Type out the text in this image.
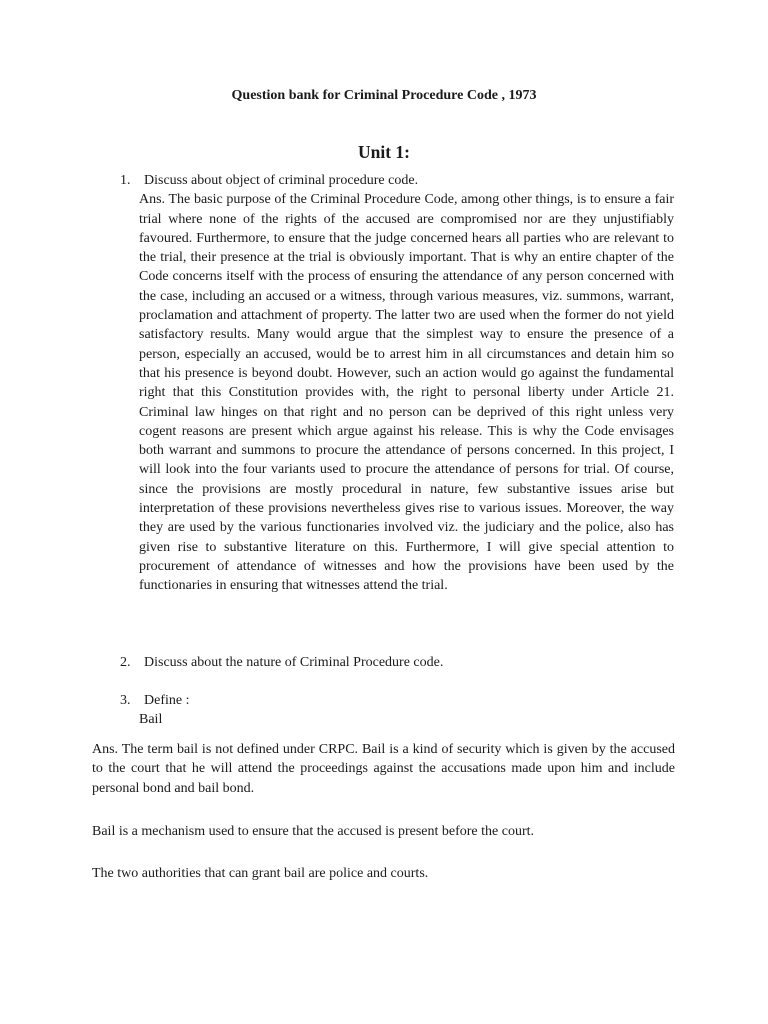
Question bank for Criminal Procedure Code , 1973
Unit 1:
1. Discuss about object of criminal procedure code.
Ans. The basic purpose of the Criminal Procedure Code, among other things, is to ensure a fair trial where none of the rights of the accused are compromised nor are they unjustifiably favoured. Furthermore, to ensure that the judge concerned hears all parties who are relevant to the trial, their presence at the trial is obviously important. That is why an entire chapter of the Code concerns itself with the process of ensuring the attendance of any person concerned with the case, including an accused or a witness, through various measures, viz. summons, warrant, proclamation and attachment of property. The latter two are used when the former do not yield satisfactory results. Many would argue that the simplest way to ensure the presence of a person, especially an accused, would be to arrest him in all circumstances and detain him so that his presence is beyond doubt. However, such an action would go against the fundamental right that this Constitution provides with, the right to personal liberty under Article 21. Criminal law hinges on that right and no person can be deprived of this right unless very cogent reasons are present which argue against his release. This is why the Code envisages both warrant and summons to procure the attendance of persons concerned. In this project, I will look into the four variants used to procure the attendance of persons for trial. Of course, since the provisions are mostly procedural in nature, few substantive issues arise but interpretation of these provisions nevertheless gives rise to various issues. Moreover, the way they are used by the various functionaries involved viz. the judiciary and the police, also has given rise to substantive literature on this. Furthermore, I will give special attention to procurement of attendance of witnesses and how the provisions have been used by the functionaries in ensuring that witnesses attend the trial.
2. Discuss about the nature of Criminal Procedure code.
3. Define :
Bail

Ans. The term bail is not defined under CRPC. Bail is a kind of security which is given by the accused to the court that he will attend the proceedings against the accusations made upon him and include personal bond and bail bond.

Bail is a mechanism used to ensure that the accused is present before the court.

The two authorities that can grant bail are police and courts.
